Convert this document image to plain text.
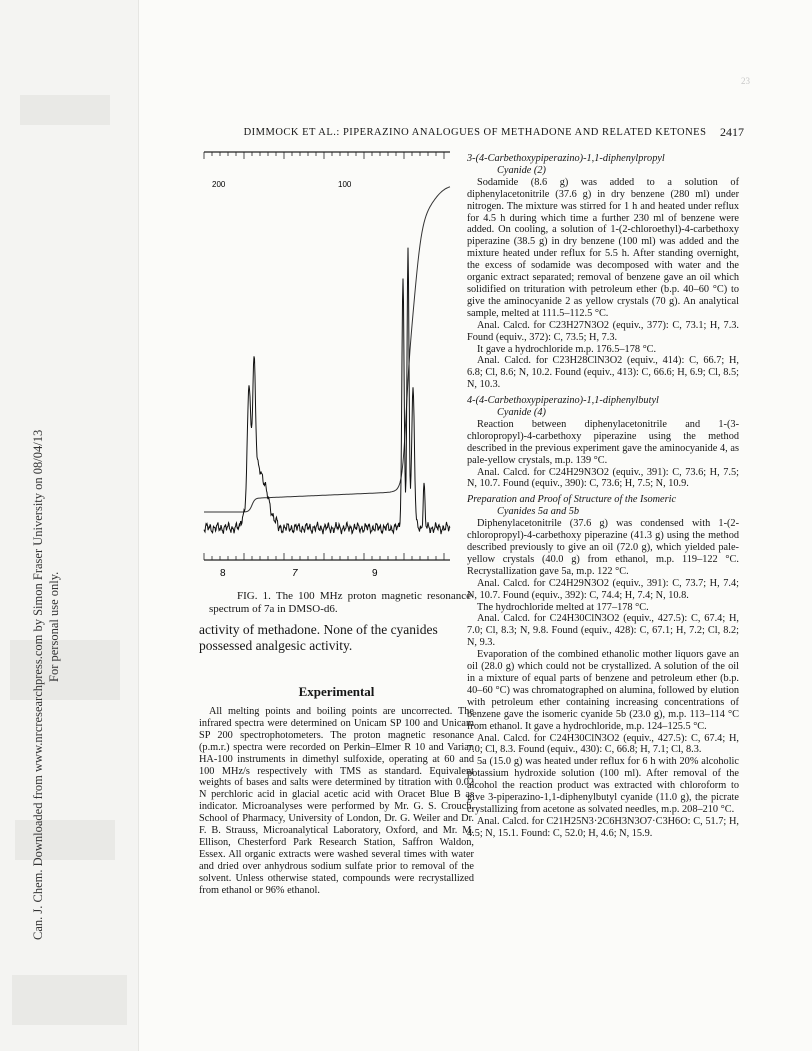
Can. J. Chem. Downloaded from www.nrcresearchpress.com by Simon Fraser University on 08/04/13 For personal use only.
23
DIMMOCK ET AL.: PIPERAZINO ANALOGUES OF METHADONE AND RELATED KETONES 2417
200	100
8	7	9
FIG. 1. The 100 MHz proton magnetic resonance spectrum of 7a in DMSO-d6.
activity of methadone. None of the cyanides possessed analgesic activity.
Experimental
All melting points and boiling points are uncorrected. The infrared spectra were determined on Unicam SP 100 and Unicam SP 200 spectrophotometers. The proton magnetic resonance (p.m.r.) spectra were recorded on Perkin–Elmer R 10 and Varian HA-100 instruments in dimethyl sulfoxide, operating at 60 and 100 MHz/s respectively with TMS as standard. Equivalent weights of bases and salts were determined by titration with 0.02 N perchloric acid in glacial acetic acid with Oracet Blue B as indicator. Microanalyses were performed by Mr. G. S. Crouch, School of Pharmacy, University of London, Dr. G. Weiler and Dr. F. B. Strauss, Microanalytical Laboratory, Oxford, and Mr. M. Ellison, Chesterford Park Research Station, Saffron Waldon, Essex. All organic extracts were washed several times with water and dried over anhydrous sodium sulfate prior to removal of the solvent. Unless otherwise stated, compounds were recrystallized from ethanol or 96% ethanol.

3-(4-Carbethoxypiperazino)-1,1-diphenylpropyl

Cyanide (2)

Sodamide (8.6 g) was added to a solution of diphenylacetonitrile (37.6 g) in dry benzene (280 ml) under nitrogen. The mixture was stirred for 1 h and heated under reflux for 4.5 h during which time a further 230 ml of benzene were added. On cooling, a solution of 1-(2-chloroethyl)-4-carbethoxy piperazine (38.5 g) in dry benzene (100 ml) was added and the mixture heated under reflux for 5.5 h. After standing overnight, the excess of sodamide was decomposed with water and the organic extract separated; removal of benzene gave an oil which solidified on trituration with petroleum ether (b.p. 40–60 °C) to give the aminocyanide 2 as yellow crystals (70 g). An analytical sample, melted at 111.5–112.5 °C.

Anal. Calcd. for C23H27N3O2 (equiv., 377): C, 73.1; H, 7.3. Found (equiv., 372): C, 73.5; H, 7.3.

It gave a hydrochloride m.p. 176.5–178 °C.

Anal. Calcd. for C23H28ClN3O2 (equiv., 414): C, 66.7; H, 6.8; Cl, 8.6; N, 10.2. Found (equiv., 413): C, 66.6; H, 6.9; Cl, 8.5; N, 10.3.

4-(4-Carbethoxypiperazino)-1,1-diphenylbutyl

Cyanide (4)

Reaction between diphenylacetonitrile and 1-(3-chloropropyl)-4-carbethoxy piperazine using the method described in the previous experiment gave the aminocyanide 4, as pale-yellow crystals, m.p. 139 °C.

Anal. Calcd. for C24H29N3O2 (equiv., 391): C, 73.6; H, 7.5; N, 10.7. Found (equiv., 390): C, 73.6; H, 7.5; N, 10.9.

Preparation and Proof of Structure of the Isomeric

Cyanides 5a and 5b

Diphenylacetonitrile (37.6 g) was condensed with 1-(2-chloropropyl)-4-carbethoxy piperazine (41.3 g) using the method described previously to give an oil (72.0 g), which yielded pale-yellow crystals (40.0 g) from ethanol, m.p. 119–122 °C. Recrystallization gave 5a, m.p. 122 °C.

Anal. Calcd. for C24H29N3O2 (equiv., 391): C, 73.7; H, 7.4; N, 10.7. Found (equiv., 392): C, 74.4; H, 7.4; N, 10.8.

The hydrochloride melted at 177–178 °C.

Anal. Calcd. for C24H30ClN3O2 (equiv., 427.5): C, 67.4; H, 7.0; Cl, 8.3; N, 9.8. Found (equiv., 428): C, 67.1; H, 7.2; Cl, 8.2; N, 9.3.

Evaporation of the combined ethanolic mother liquors gave an oil (28.0 g) which could not be crystallized. A solution of the oil in a mixture of equal parts of benzene and petroleum ether (b.p. 40–60 °C) was chromatographed on alumina, followed by elution with petroleum ether containing increasing concentrations of benzene gave the isomeric cyanide 5b (23.0 g), m.p. 113–114 °C from ethanol. It gave a hydrochloride, m.p. 124–125.5 °C.

Anal. Calcd. for C24H30ClN3O2 (equiv., 427.5): C, 67.4; H, 7.0; Cl, 8.3. Found (equiv., 430): C, 66.8; H, 7.1; Cl, 8.3.

5a (15.0 g) was heated under reflux for 6 h with 20% alcoholic potassium hydroxide solution (100 ml). After removal of the alcohol the reaction product was extracted with chloroform to give 3-piperazino-1,1-diphenylbutyl cyanide (11.0 g), the picrate crystallizing from acetone as solvated needles, m.p. 208–210 °C.

Anal. Calcd. for C21H25N3·2C6H3N3O7·C3H6O: C, 51.7; H, 4.5; N, 15.1. Found: C, 52.0; H, 4.6; N, 15.9.
